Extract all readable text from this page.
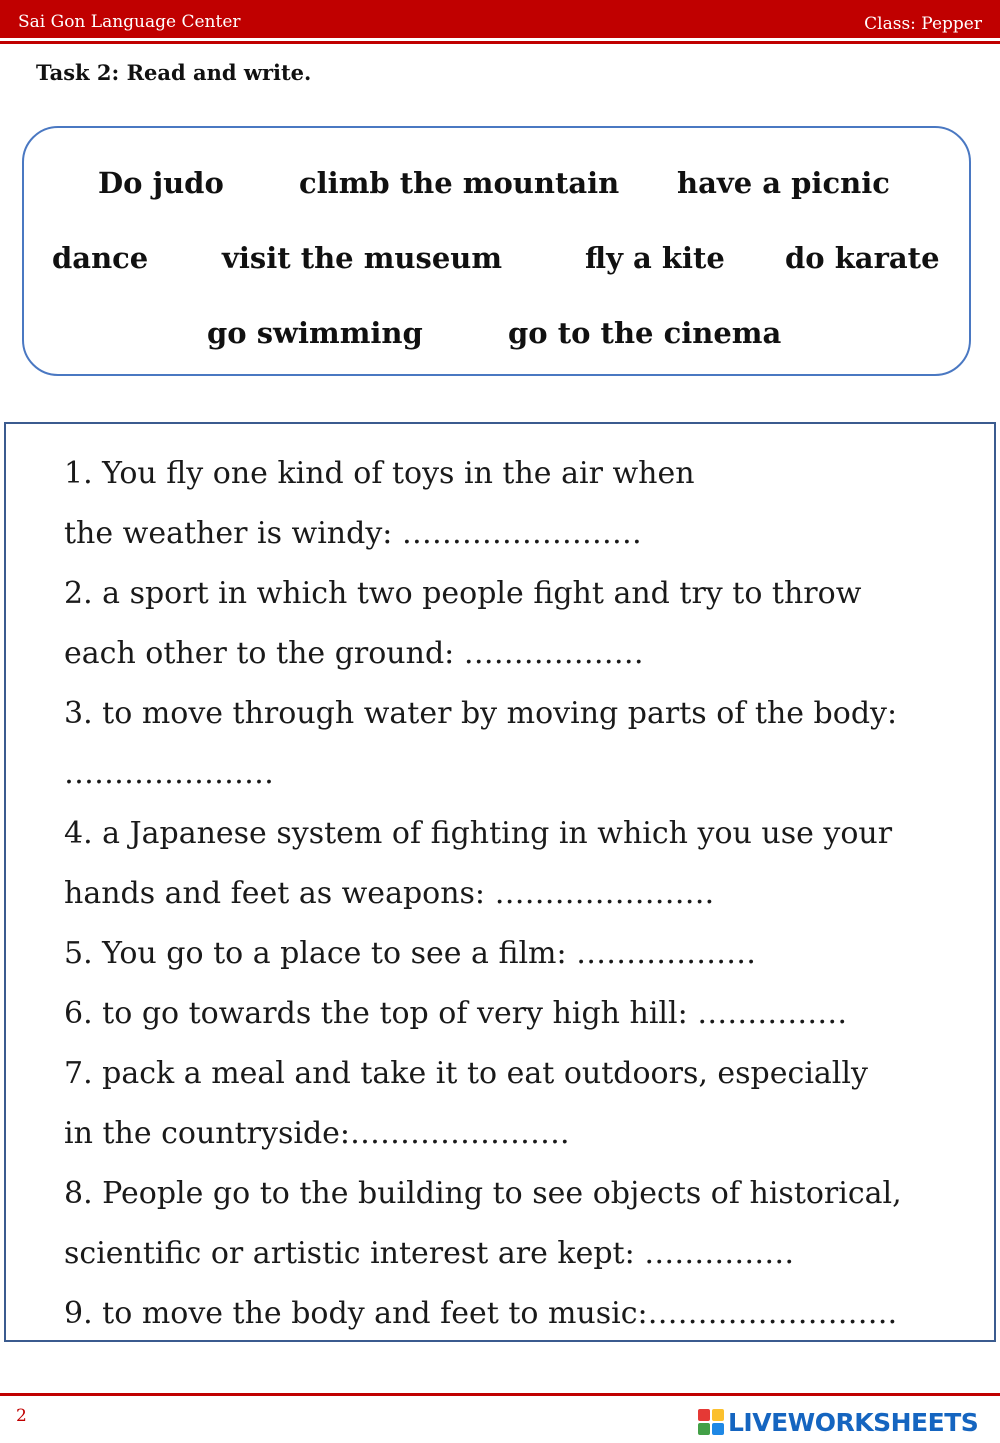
Sai Gon Language Center	Class: Pepper
Task 2: Read and write.
Do judo	climb the mountain have a picnic
dance	visit the museum	fly a kite do karate
go swimming	go to the cinema
1. You fly one kind of toys in the air when
the weather is windy: ……………………
2. a sport in which two people fight and try to throw
each other to the ground: ………………
3. to move through water by moving parts of the body:
…………………
4. a Japanese system of fighting in which you use your
hands and feet as weapons: ………………….
5. You go to a place to see a film: ………………
6. to go towards the top of very high hill: ……………
7. pack a meal and take it to eat outdoors, especially
in the countryside:………………….
8. People go to the building to see objects of historical,
scientific or artistic interest are kept: ……………
9. to move the body and feet to music:…………………….
2	LIVEWORKSHEETS
